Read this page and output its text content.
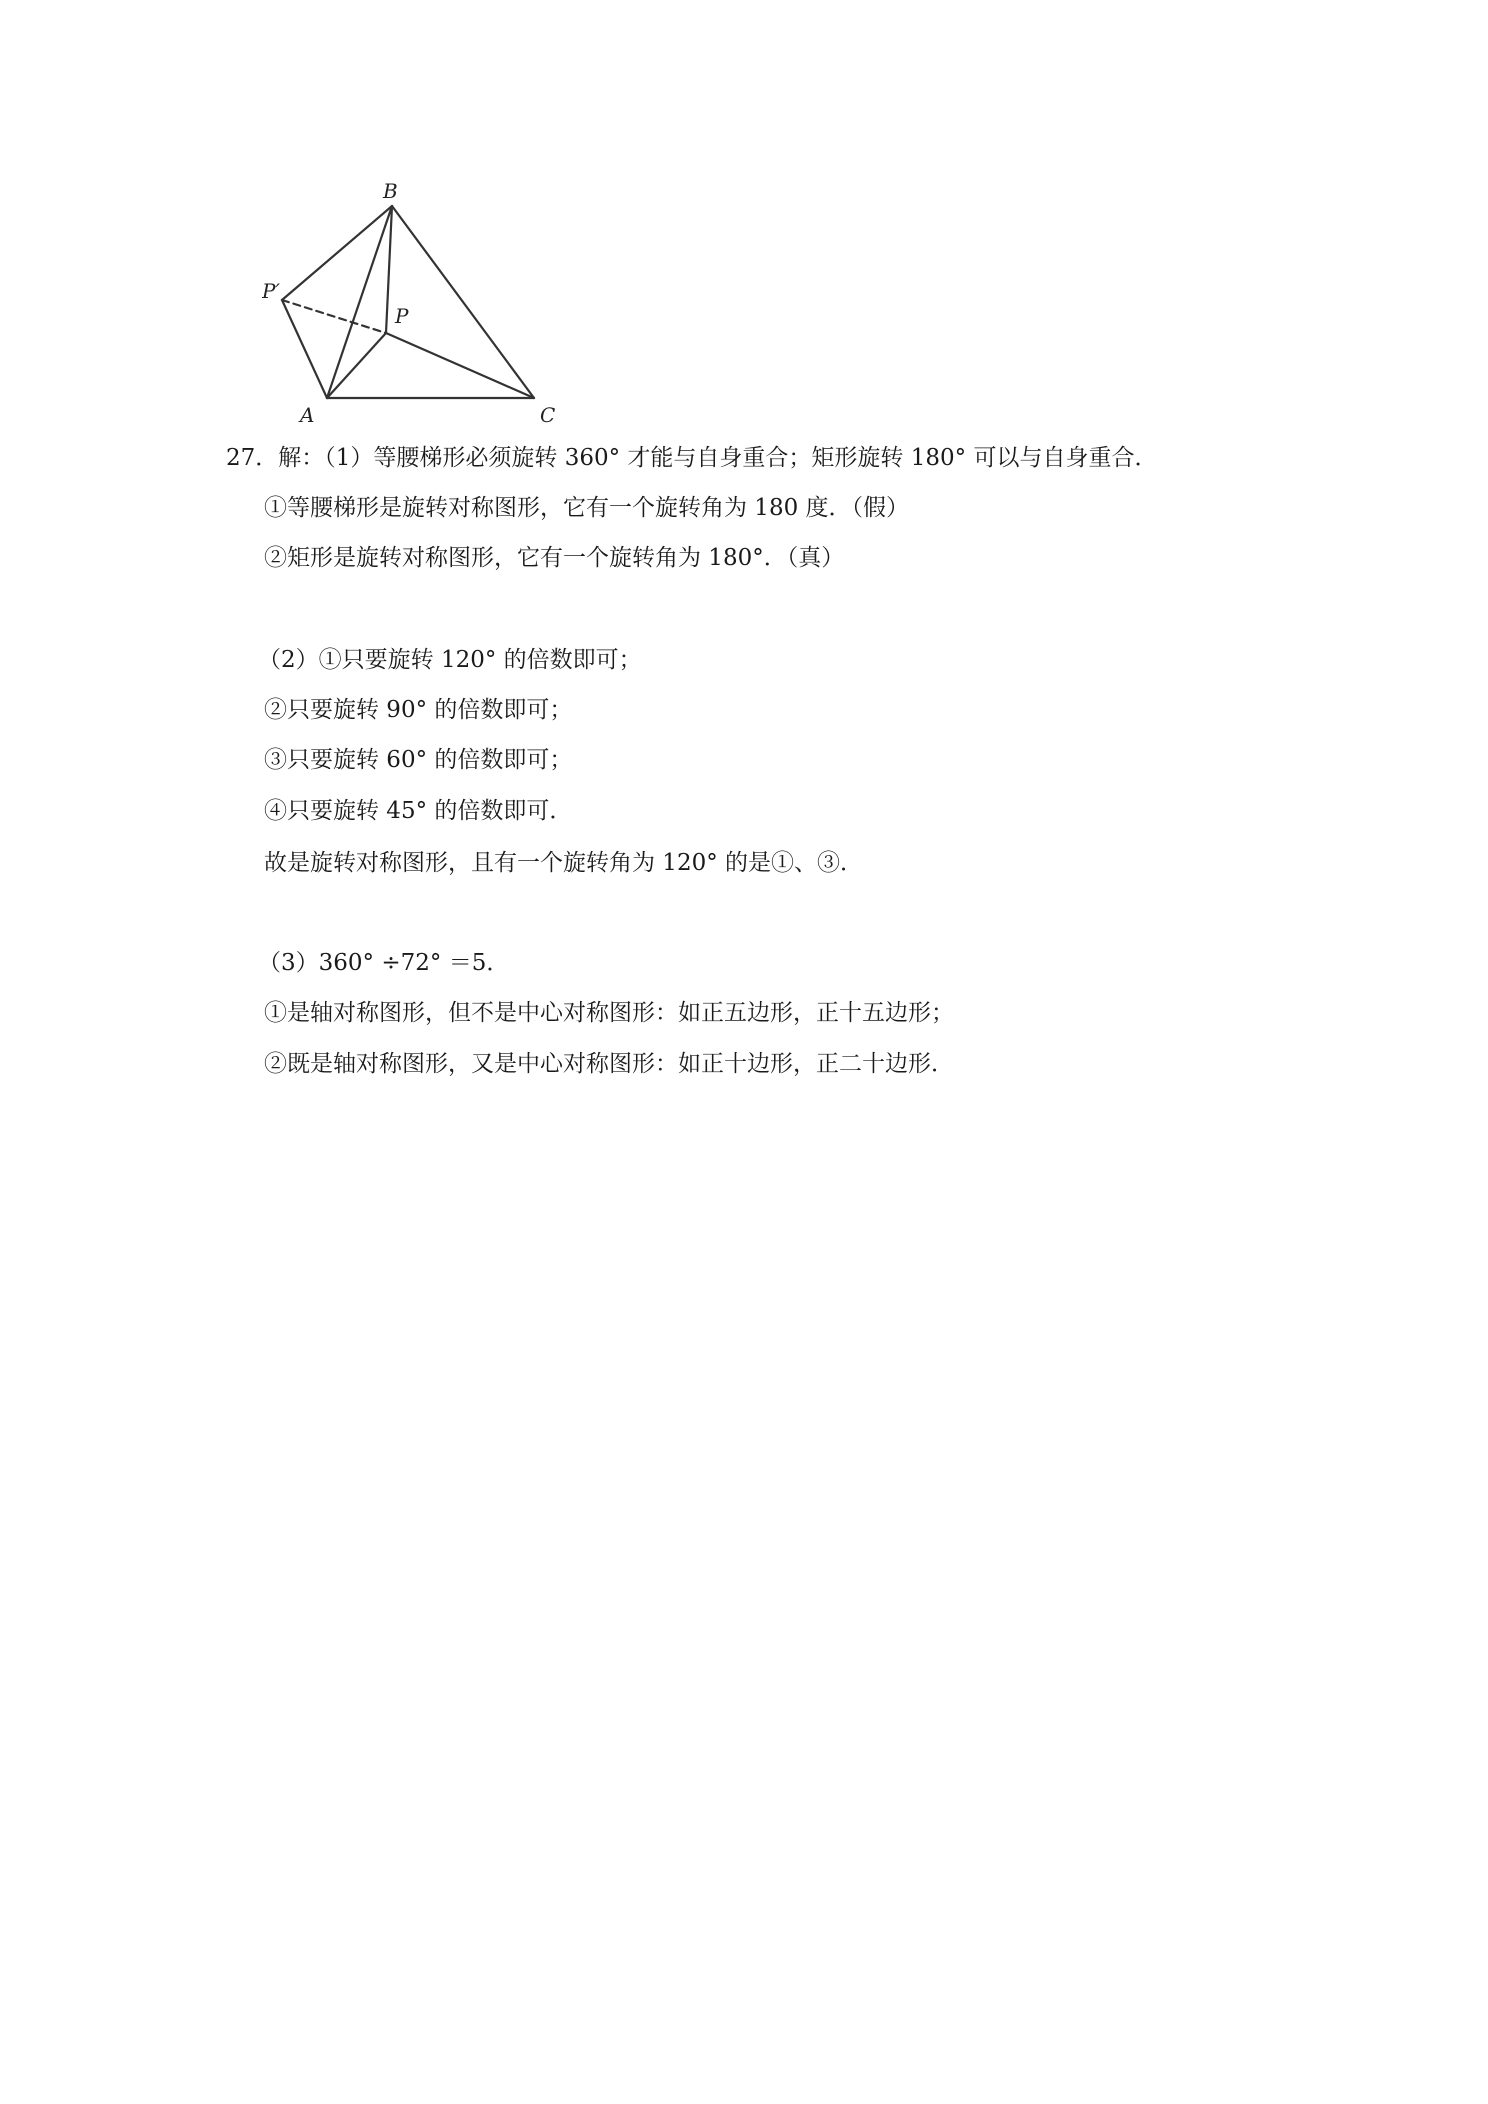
B
P′
P
A	C
27．解：（1）等腰梯形必须旋转 360° 才能与自身重合；矩形旋转 180° 可以与自身重合．
①等腰梯形是旋转对称图形，它有一个旋转角为 180 度．（假）
②矩形是旋转对称图形，它有一个旋转角为 180°．（真）
（2）①只要旋转 120° 的倍数即可；
②只要旋转 90° 的倍数即可；
③只要旋转 60° 的倍数即可；
④只要旋转 45° 的倍数即可．
故是旋转对称图形，且有一个旋转角为 120° 的是①、③．
（3）360° ÷72° ＝5．
①是轴对称图形，但不是中心对称图形：如正五边形，正十五边形；
②既是轴对称图形，又是中心对称图形：如正十边形，正二十边形．
